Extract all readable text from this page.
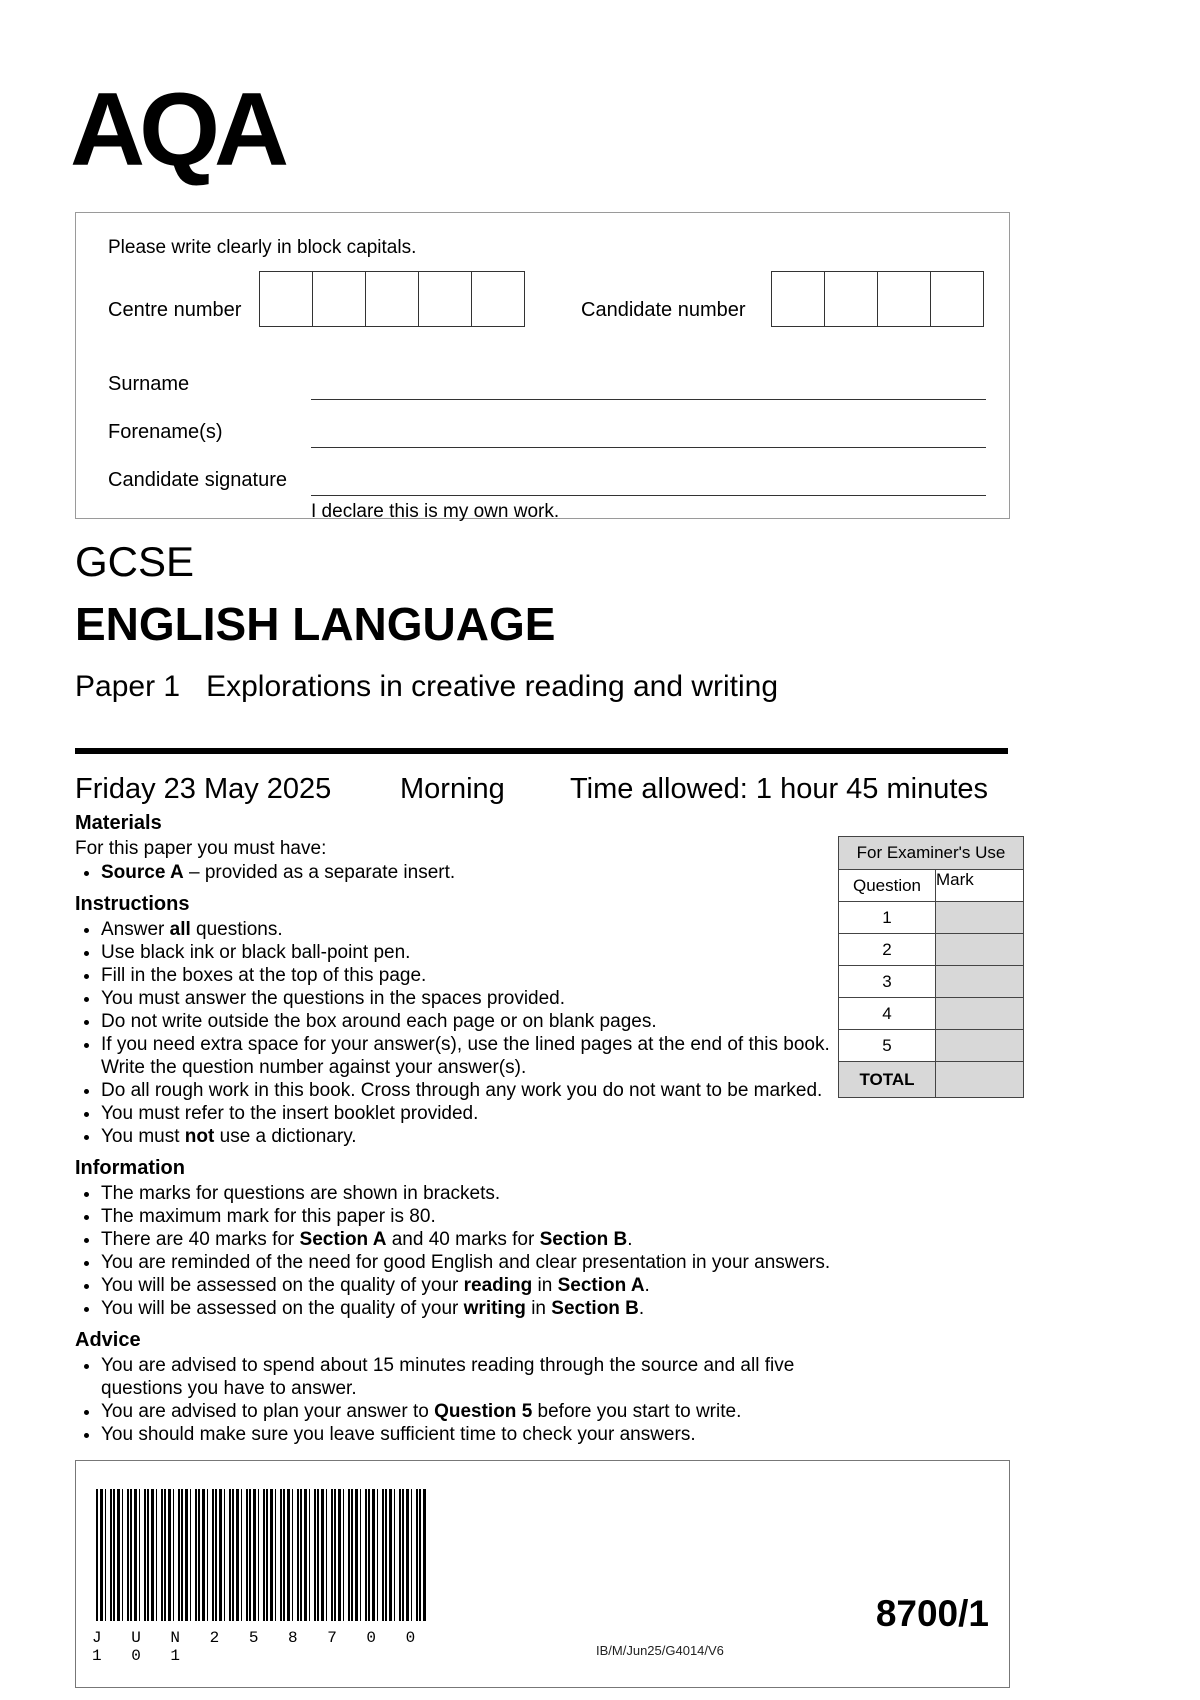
AQA
Please write clearly in block capitals.
Centre number	Candidate number
Surname
Forename(s)
Candidate signature
I declare this is my own work.
GCSE
ENGLISH LANGUAGE
Paper 1 Explorations in creative reading and writing
Friday 23 May 2025 Morning Time allowed: 1 hour 45 minutes
Materials
For this paper you must have:
• Source A – provided as a separate insert.
Instructions
• Answer all questions.
• Use black ink or black ball-point pen.
• Fill in the boxes at the top of this page.
• You must answer the questions in the spaces provided.
• Do not write outside the box around each page or on blank pages.
• If you need extra space for your answer(s), use the lined pages at the end of this book. Write the question number against your answer(s).
• Do all rough work in this book. Cross through any work you do not want to be marked.
• You must refer to the insert booklet provided.
• You must not use a dictionary.
Information
• The marks for questions are shown in brackets.
• The maximum mark for this paper is 80.
• There are 40 marks for Section A and 40 marks for Section B.
• You are reminded of the need for good English and clear presentation in your answers.
• You will be assessed on the quality of your reading in Section A.
• You will be assessed on the quality of your writing in Section B.
Advice
• You are advised to spend about 15 minutes reading through the source and all five questions you have to answer.
• You are advised to plan your answer to Question 5 before you start to write.
• You should make sure you leave sufficient time to check your answers.
For Examiner's Use
Question Mark
1
2
3
4
5
TOTAL
J U N 2 5 8 7 0 0 1 0 1	IB/M/Jun25/G4014/V6
8700/1
